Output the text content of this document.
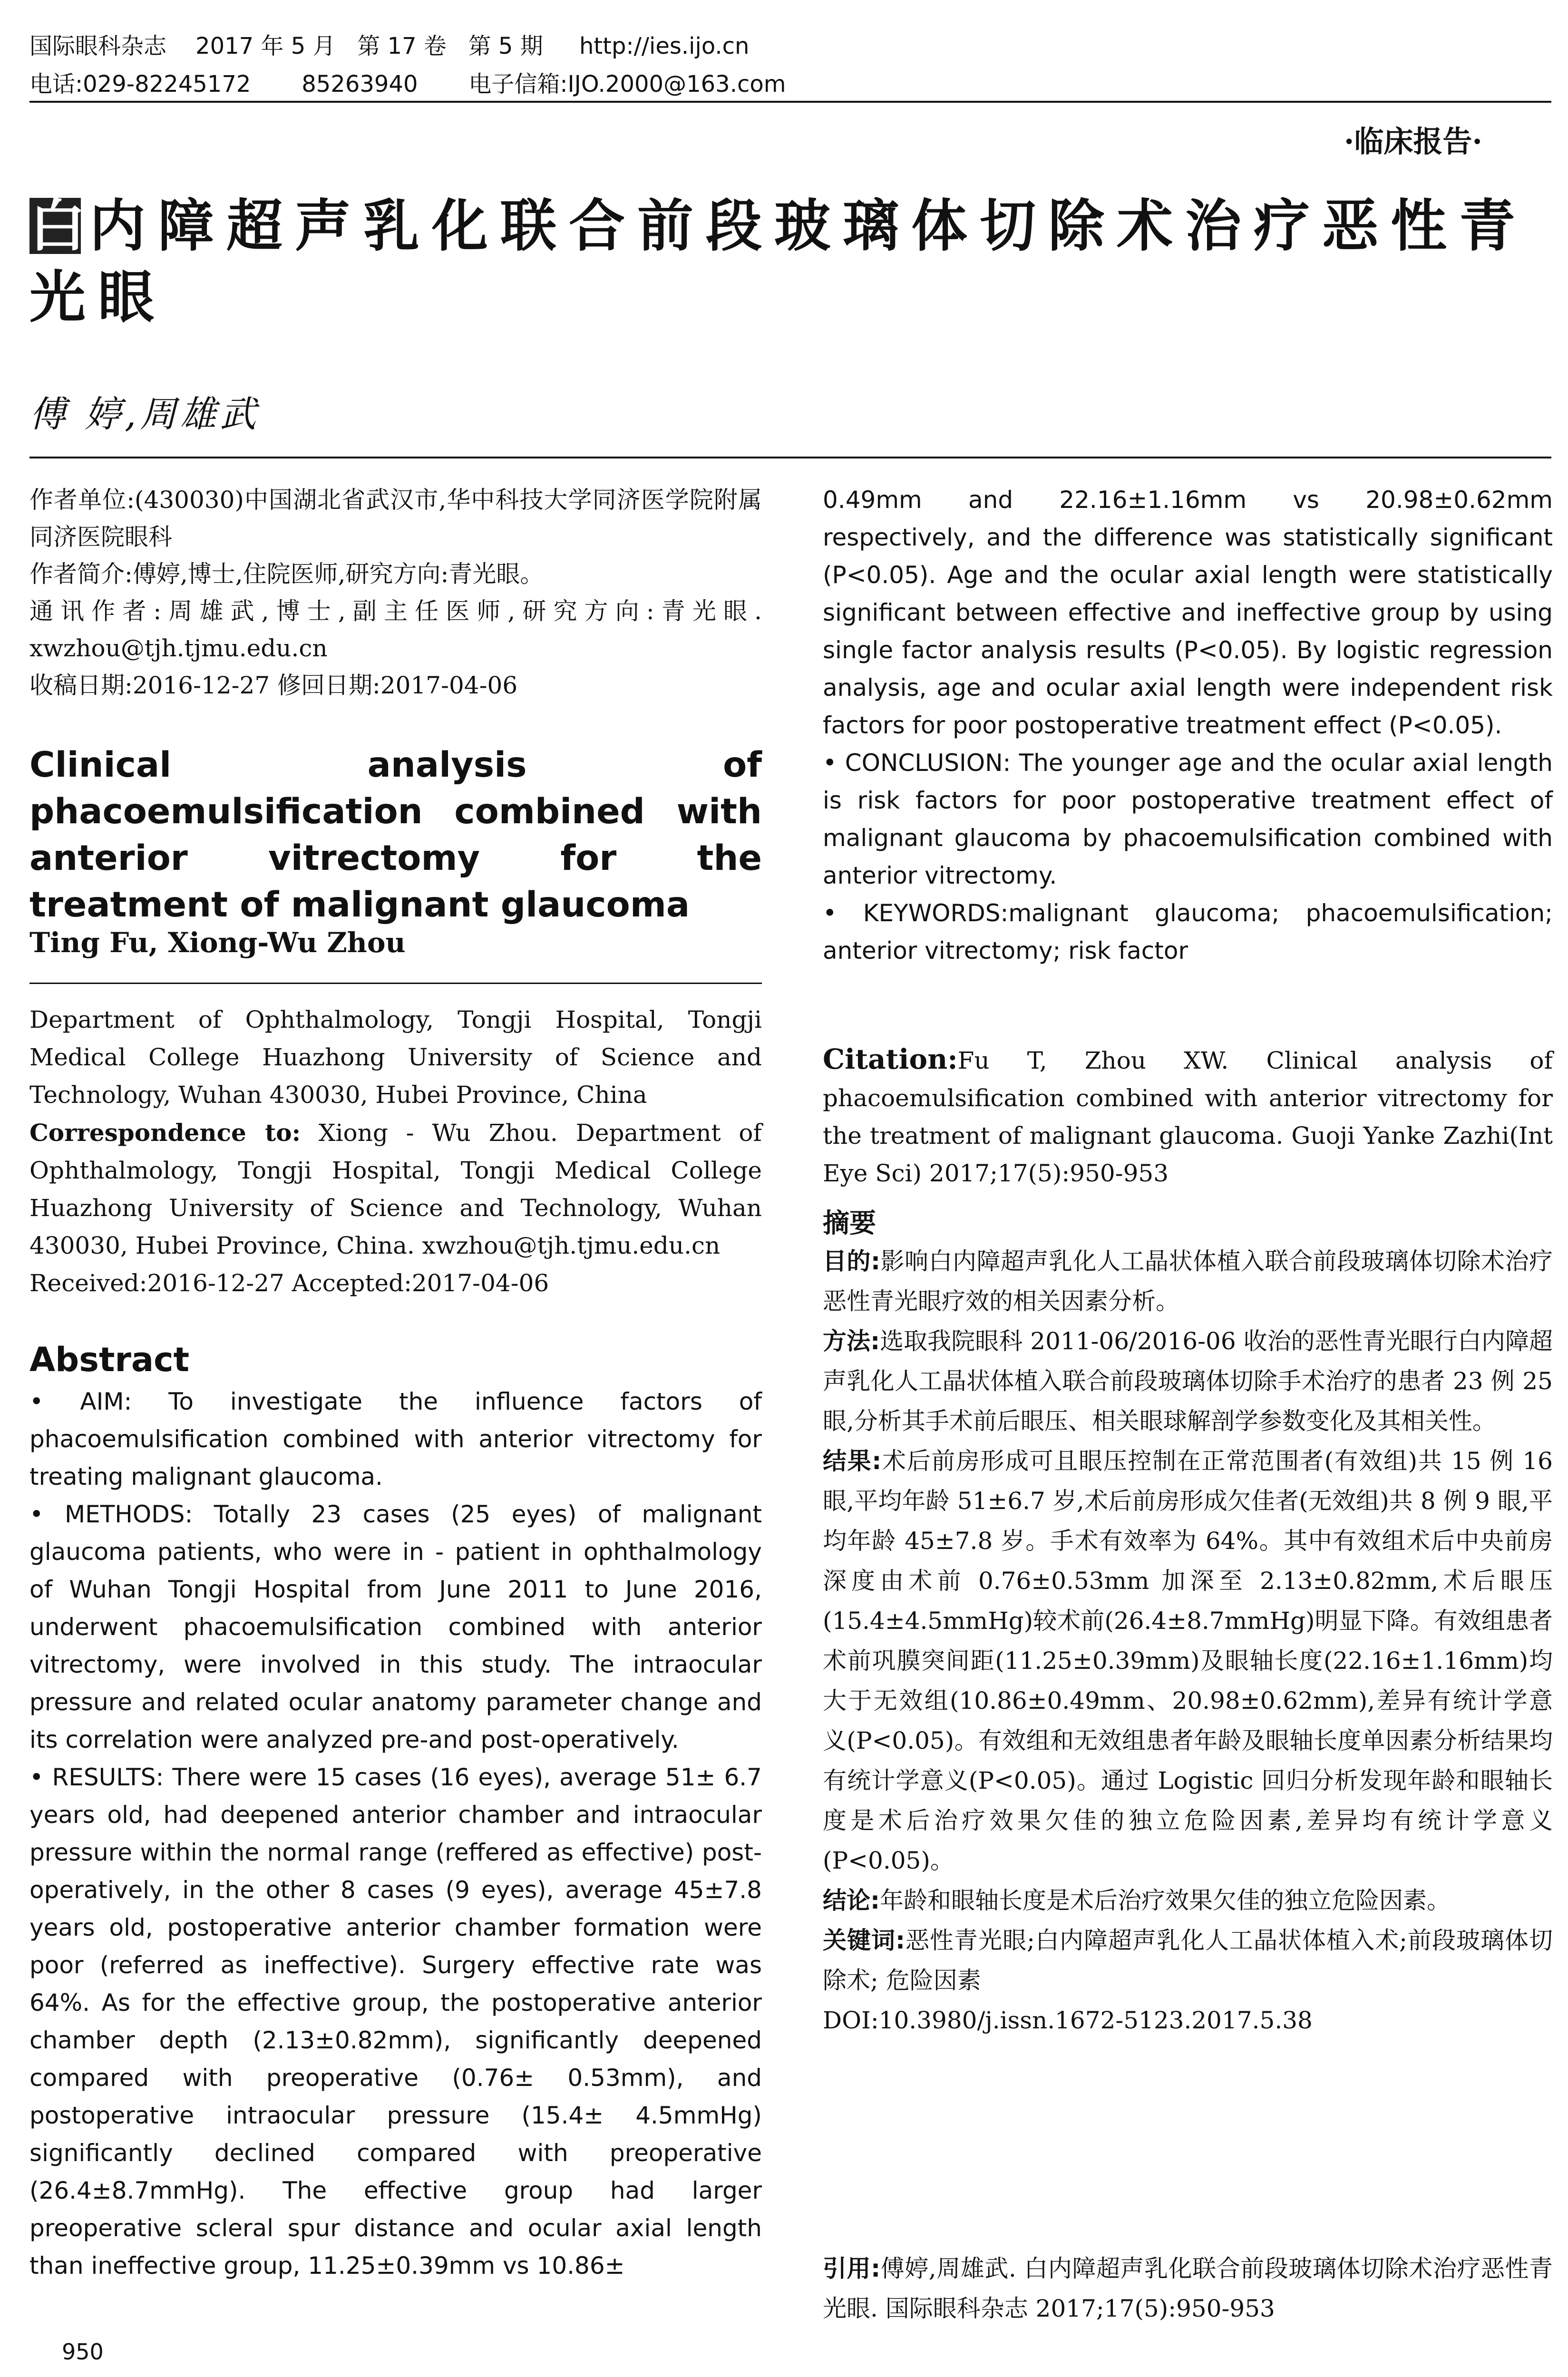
国际眼科杂志    2017 年 5 月   第 17 卷   第 5 期     http://ies.ijo.cn
电话:029-82245172       85263940       电子信箱:IJO.2000@163.com
·临床报告·
白内障超声乳化联合前段玻璃体切除术治疗恶性青光眼
傅 婷,周雄武

作者单位:(430030)中国湖北省武汉市,华中科技大学同济医学院附属同济医院眼科

作者简介:傅婷,博士,住院医师,研究方向:青光眼。

通讯作者:周雄武,博士,副主任医师,研究方向:青光眼. xwzhou@tjh.tjmu.edu.cn

收稿日期:2016-12-27 修回日期:2017-04-06

Clinical analysis of phacoemulsification combined with anterior vitrectomy for the treatment of malignant glaucoma
Ting Fu, Xiong-Wu Zhou

Department of Ophthalmology, Tongji Hospital, Tongji Medical College Huazhong University of Science and Technology, Wuhan 430030, Hubei Province, China

Correspondence to: Xiong - Wu Zhou. Department of Ophthalmology, Tongji Hospital, Tongji Medical College Huazhong University of Science and Technology, Wuhan 430030, Hubei Province, China. xwzhou@tjh.tjmu.edu.cn

Received:2016-12-27 Accepted:2017-04-06

Abstract

• AIM: To investigate the influence factors of phacoemulsification combined with anterior vitrectomy for treating malignant glaucoma.

• METHODS: Totally 23 cases (25 eyes) of malignant glaucoma patients, who were in - patient in ophthalmology of Wuhan Tongji Hospital from June 2011 to June 2016, underwent phacoemulsification combined with anterior vitrectomy, were involved in this study. The intraocular pressure and related ocular anatomy parameter change and its correlation were analyzed pre-and post-operatively.

• RESULTS: There were 15 cases (16 eyes), average 51± 6.7 years old, had deepened anterior chamber and intraocular pressure within the normal range (reffered as effective) post-operatively, in the other 8 cases (9 eyes), average 45±7.8 years old, postoperative anterior chamber formation were poor (referred as ineffective). Surgery effective rate was 64%. As for the effective group, the postoperative anterior chamber depth (2.13±0.82mm), significantly deepened compared with preoperative (0.76± 0.53mm), and postoperative intraocular pressure (15.4± 4.5mmHg) significantly declined compared with preoperative (26.4±8.7mmHg). The effective group had larger preoperative scleral spur distance and ocular axial length than ineffective group, 11.25±0.39mm vs 10.86±

950

0.49mm and 22.16±1.16mm vs 20.98±0.62mm respectively, and the difference was statistically significant (P<0.05). Age and the ocular axial length were statistically significant between effective and ineffective group by using single factor analysis results (P<0.05). By logistic regression analysis, age and ocular axial length were independent risk factors for poor postoperative treatment effect (P<0.05).

• CONCLUSION: The younger age and the ocular axial length is risk factors for poor postoperative treatment effect of malignant glaucoma by phacoemulsification combined with anterior vitrectomy.

• KEYWORDS:malignant glaucoma; phacoemulsification; anterior vitrectomy; risk factor

Citation:Fu T, Zhou XW. Clinical analysis of phacoemulsification combined with anterior vitrectomy for the treatment of malignant glaucoma. Guoji Yanke Zazhi(Int Eye Sci) 2017;17(5):950-953
摘要

目的:影响白内障超声乳化人工晶状体植入联合前段玻璃体切除术治疗恶性青光眼疗效的相关因素分析。

方法:选取我院眼科 2011-06/2016-06 收治的恶性青光眼行白内障超声乳化人工晶状体植入联合前段玻璃体切除手术治疗的患者 23 例 25 眼,分析其手术前后眼压、相关眼球解剖学参数变化及其相关性。

结果:术后前房形成可且眼压控制在正常范围者(有效组)共 15 例 16 眼,平均年龄 51±6.7 岁,术后前房形成欠佳者(无效组)共 8 例 9 眼,平均年龄 45±7.8 岁。手术有效率为 64%。其中有效组术后中央前房深度由术前 0.76±0.53mm 加深至 2.13±0.82mm,术后眼压(15.4±4.5mmHg)较术前(26.4±8.7mmHg)明显下降。有效组患者术前巩膜突间距(11.25±0.39mm)及眼轴长度(22.16±1.16mm)均大于无效组(10.86±0.49mm、20.98±0.62mm),差异有统计学意义(P<0.05)。有效组和无效组患者年龄及眼轴长度单因素分析结果均有统计学意义(P<0.05)。通过 Logistic 回归分析发现年龄和眼轴长度是术后治疗效果欠佳的独立危险因素,差异均有统计学意义(P<0.05)。

结论:年龄和眼轴长度是术后治疗效果欠佳的独立危险因素。

关键词:恶性青光眼;白内障超声乳化人工晶状体植入术;前段玻璃体切除术; 危险因素

DOI:10.3980/j.issn.1672-5123.2017.5.38

引用:傅婷,周雄武. 白内障超声乳化联合前段玻璃体切除术治疗恶性青光眼. 国际眼科杂志 2017;17(5):950-953
